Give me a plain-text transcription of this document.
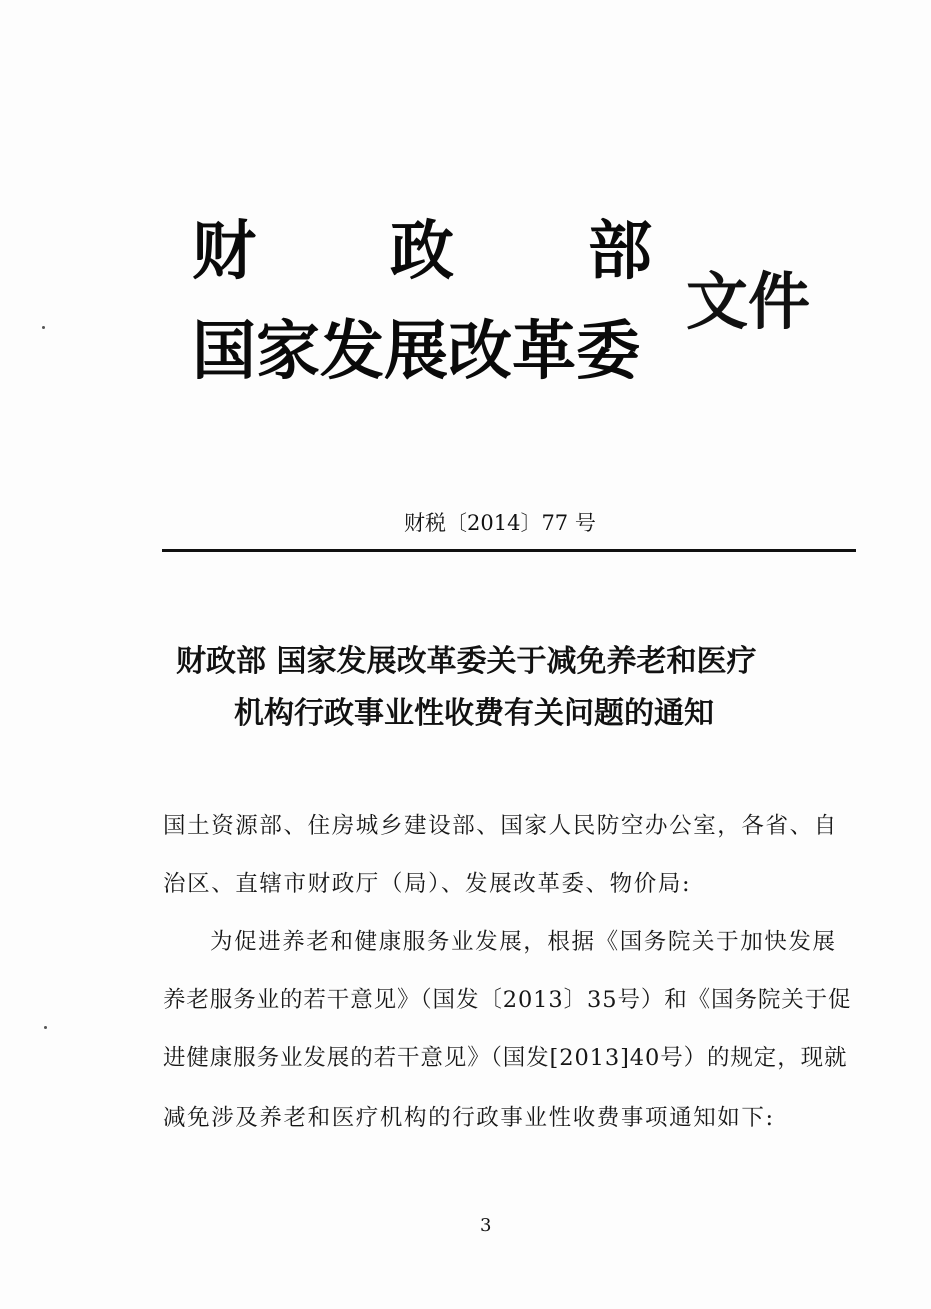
财 政 部
国家发展改革委
文件
财税〔2014〕77 号
财政部 国家发展改革委关于减免养老和医疗
机构行政事业性收费有关问题的通知
国土资源部、住房城乡建设部、国家人民防空办公室，各省、自
治区、直辖市财政厅（局）、发展改革委、物价局:
为促进养老和健康服务业发展，根据《国务院关于加快发展
养老服务业的若干意见》（国发〔2013〕35号）和《国务院关于促
进健康服务业发展的若干意见》（国发[2013]40号）的规定，现就
减免涉及养老和医疗机构的行政事业性收费事项通知如下:
3
